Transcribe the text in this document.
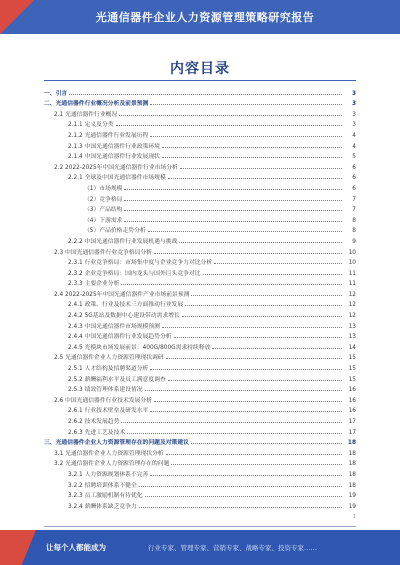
光通信器件企业人力资源管理策略研究报告
内容目录
一、引言	3
二、光通信器件行业概况分析及前景预测	3
2.1 光通信器件行业概况	3
2.1.1 定义及分类	3
2.1.2 光通信器件行业发展历程	4
2.1.3 中国光通信器件行业政策环境	4
2.1.4 中国光通信器件行业发展现状	5
2.2 2022-2025年中国光通信器件行业市场分析	6
2.2.1 全球及中国光通信器件市场规模	6
（1）市场规模	6
（2）竞争格局	7
（3）产品结构	7
（4）下游需求	8
（5）产品价格走势分析	8
2.2.2 中国光通信器件行业发展机遇与挑战	9
2.3 中国光通信器件行业竞争格局分析	10
2.3.1 行业竞争格局：市场集中度与企业竞争力对比分析	10
2.3.2 企业竞争格局：国内龙头与国外巨头竞争对比	11
2.3.3 主要企业分析	11
2.4 2022-2025年中国光通信器件产业市场前景预测	12
2.4.1 政策、行业及技术三方面推动行业发展	12
2.4.2 5G基站及数据中心建设带动需求增长	12
2.4.3 中国光通信器件市场规模预测	13
2.4.4 中国光通信器件行业发展趋势分析	13
2.4.5 光模块市场发展前景：400G/800G需求持续释放	14
2.5 光通信器件企业人力资源管理现状调研	15
2.5.1 人才结构及招聘渠道分析	15
2.5.2 薪酬福利水平及员工满意度调查	15
2.5.3 绩效管理体系建设情况	16
2.6 中国光通信器件行业技术发展分析	16
2.6.1 行业技术壁垒及研发水平	16
2.6.2 技术发展趋势	17
2.6.3 先进工艺及技术	17
三、光通信器件企业人力资源管理存在的问题及对策建议	18
3.1 光通信器件企业人力资源管理现状分析	18
3.2 光通信器件企业人力资源管理存在的问题	18
3.2.1 人力资源规划体系不完善	18
3.2.2 招聘培训体系不健全	18
3.2.3 员工激励机制有待优化	19
3.2.4 薪酬体系缺乏竞争力	19
1
让每个人都能成为	行业专家、管理专家、营销专家、战略专家、投资专家……
